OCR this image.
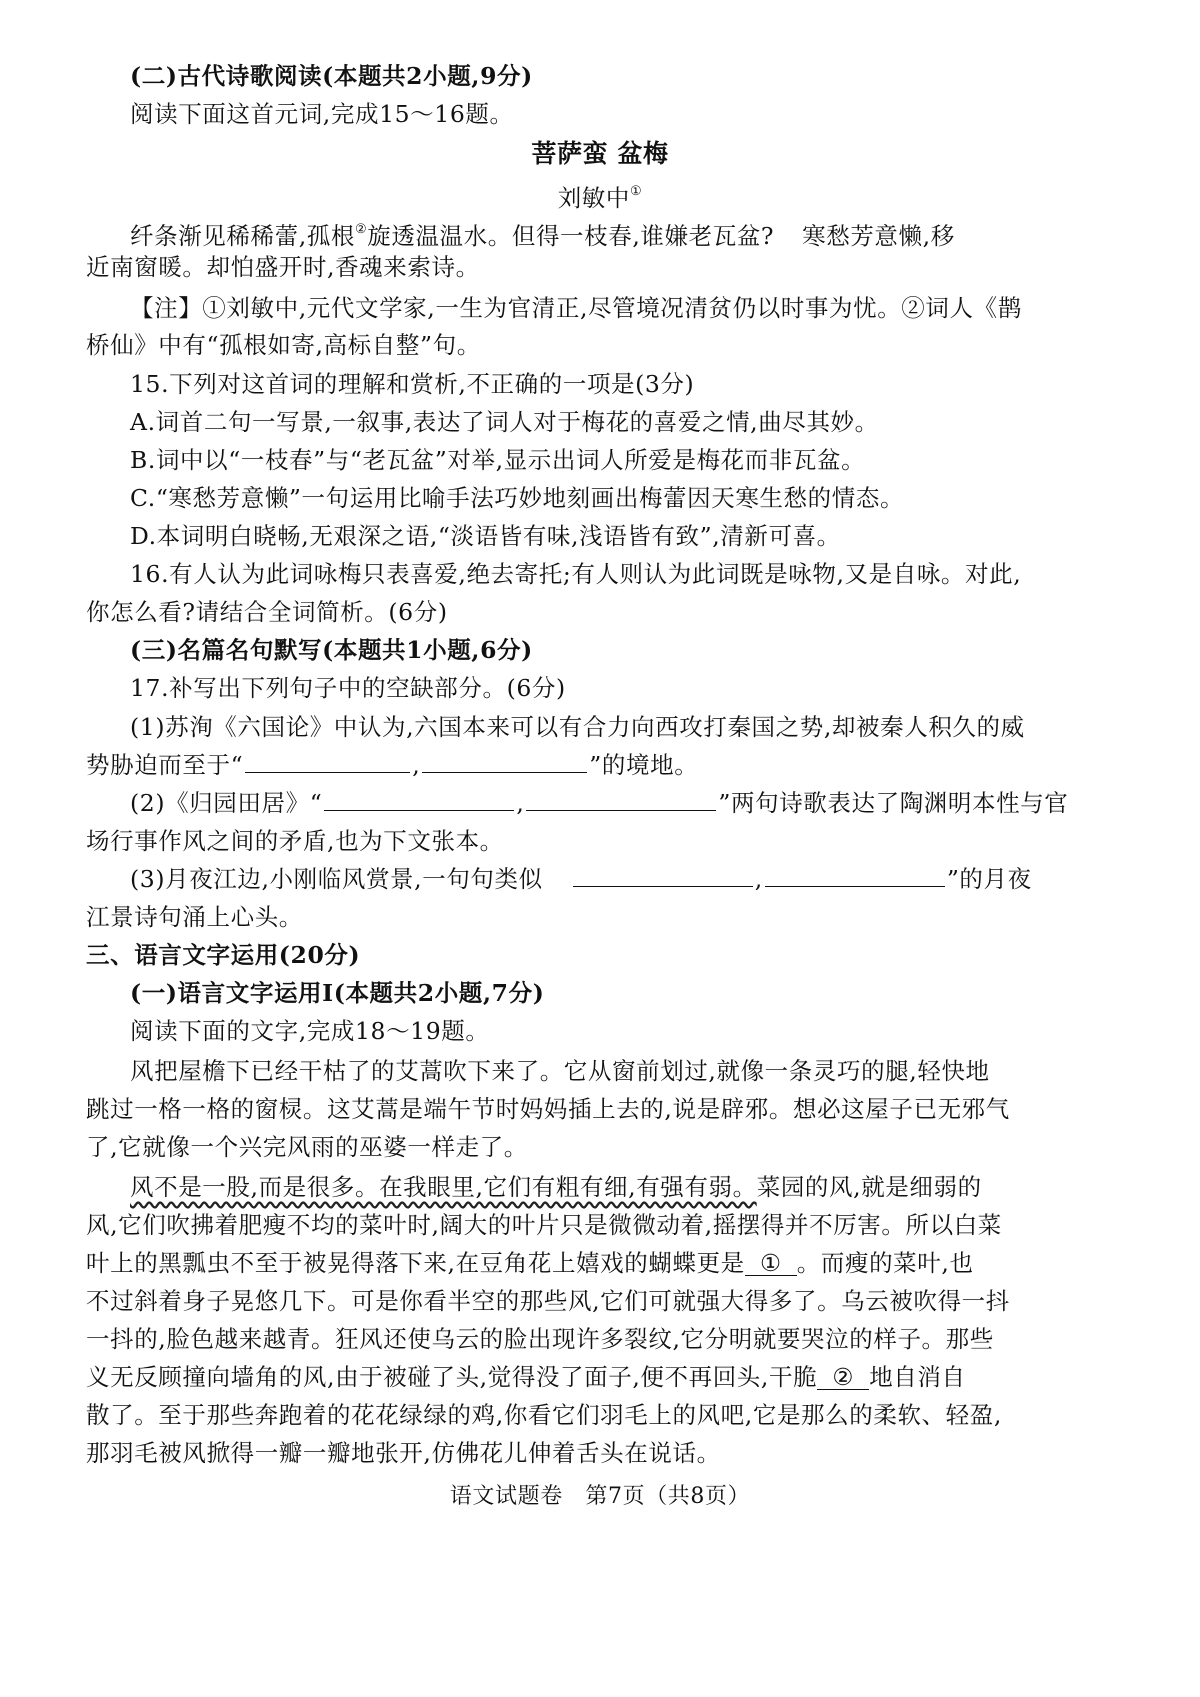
(二)古代诗歌阅读(本题共2小题,9分)
阅读下面这首元词,完成15～16题。
菩萨蛮 盆梅
刘敏中①
纤条渐见稀稀蕾,孤根②旋透温温水。但得一枝春,谁嫌老瓦盆? 寒愁芳意懒,移
近南窗暖。却怕盛开时,香魂来索诗。
【注】①刘敏中,元代文学家,一生为官清正,尽管境况清贫仍以时事为忧。②词人《鹊
桥仙》中有“孤根如寄,高标自整”句。
15.下列对这首词的理解和赏析,不正确的一项是(3分)
A.词首二句一写景,一叙事,表达了词人对于梅花的喜爱之情,曲尽其妙。
B.词中以“一枝春”与“老瓦盆”对举,显示出词人所爱是梅花而非瓦盆。
C.“寒愁芳意懒”一句运用比喻手法巧妙地刻画出梅蕾因天寒生愁的情态。
D.本词明白晓畅,无艰深之语,“淡语皆有味,浅语皆有致”,清新可喜。
16.有人认为此词咏梅只表喜爱,绝去寄托;有人则认为此词既是咏物,又是自咏。对此,
你怎么看?请结合全词简析。(6分)
(三)名篇名句默写(本题共1小题,6分)
17.补写出下列句子中的空缺部分。(6分)
(1)苏洵《六国论》中认为,六国本来可以有合力向西攻打秦国之势,却被秦人积久的威
势胁迫而至于“	,	”的境地。
(2)《归园田居》“	,	”两句诗歌表达了陶渊明本性与官
场行事作风之间的矛盾,也为下文张本。
(3)月夜江边,小刚临风赏景,一句句类似	,	”的月夜
江景诗句涌上心头。
三、语言文字运用(20分)
(一)语言文字运用Ⅰ(本题共2小题,7分)
阅读下面的文字,完成18～19题。
风把屋檐下已经干枯了的艾蒿吹下来了。它从窗前划过,就像一条灵巧的腿,轻快地
跳过一格一格的窗棂。这艾蒿是端午节时妈妈插上去的,说是辟邪。想必这屋子已无邪气
了,它就像一个兴完风雨的巫婆一样走了。
风不是一股,而是很多。在我眼里,它们有粗有细,有强有弱。菜园的风,就是细弱的
风,它们吹拂着肥瘦不均的菜叶时,阔大的叶片只是微微动着,摇摆得并不厉害。所以白菜
叶上的黑瓢虫不至于被晃得落下来,在豆角花上嬉戏的蝴蝶更是 ① 。而瘦的菜叶,也
不过斜着身子晃悠几下。可是你看半空的那些风,它们可就强大得多了。乌云被吹得一抖
一抖的,脸色越来越青。狂风还使乌云的脸出现许多裂纹,它分明就要哭泣的样子。那些
义无反顾撞向墙角的风,由于被碰了头,觉得没了面子,便不再回头,干脆 ② 地自消自
散了。至于那些奔跑着的花花绿绿的鸡,你看它们羽毛上的风吧,它是那么的柔软、轻盈,
那羽毛被风掀得一瓣一瓣地张开,仿佛花儿伸着舌头在说话。
语文试题卷　第7页（共8页）
